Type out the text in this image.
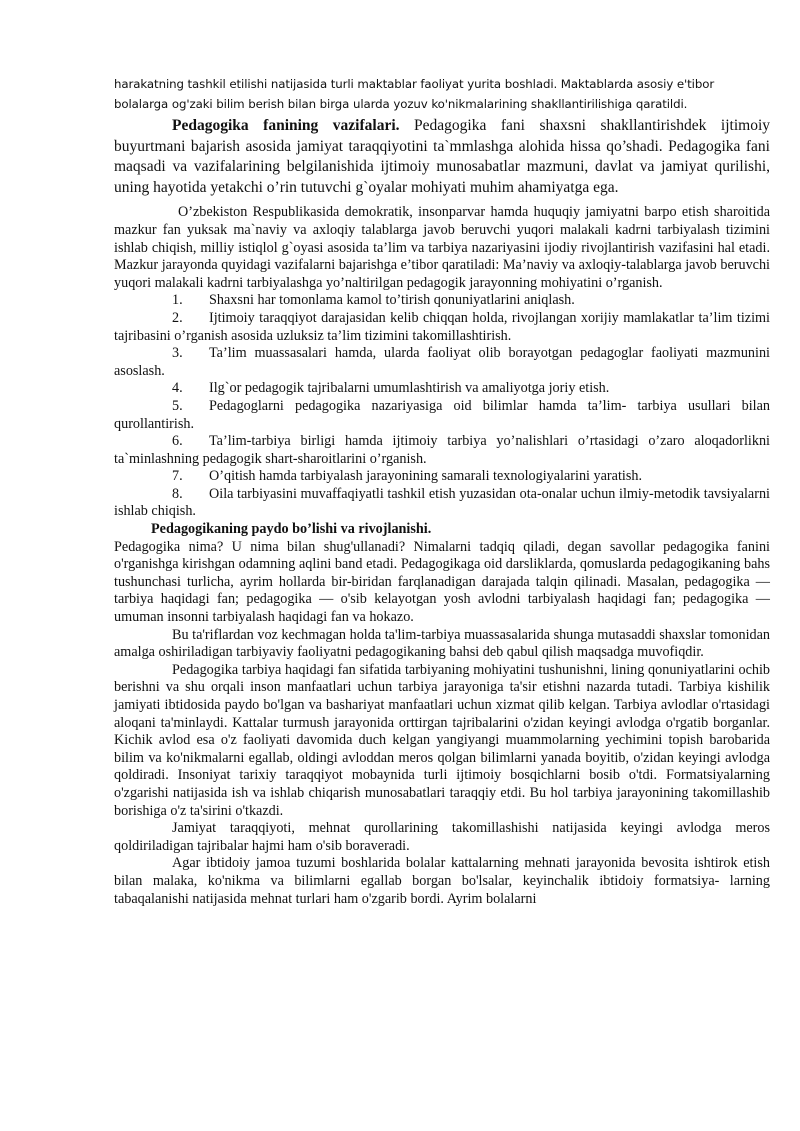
harakatning tashkil etilishi natijasida turli maktablar faoliyat yurita boshladi. Maktablarda asosiy e'tibor
bolalarga og'zaki bilim berish bilan birga ularda yozuv ko'nikmalarining shakllantirilishiga qaratildi.

Pedagogika fanining vazifalari. Pedagogika fani shaxsni shakllantirishdek ijtimoiy buyurtmani bajarish asosida jamiyat taraqqiyotini ta`mmlashga alohida hissa qo’shadi. Pedagogika fani maqsadi va vazifalarining belgilanishida ijtimoiy munosabatlar mazmuni, davlat va jamiyat qurilishi, uning hayotida yetakchi o’rin tutuvchi g`oyalar mohiyati muhim ahamiyatga ega.

O’zbekiston Respublikasida demokratik, insonparvar hamda huquqiy jamiyatni barpo etish sharoitida mazkur fan yuksak ma`naviy va axloqiy talablarga javob beruvchi yuqori malakali kadrni tarbiyalash tizimini ishlab chiqish, milliy istiqlol g`oyasi asosida ta’lim va tarbiya nazariyasini ijodiy rivojlantirish vazifasini hal etadi. Mazkur jarayonda quyidagi vazifalarni bajarishga e’tibor qaratiladi: Ma’naviy va axloqiy-talablarga javob beruvchi yuqori malakali kadrni tarbiyalashga yo’naltirilgan pedagogik jarayonning mohiyatini o’rganish.

1. Shaxsni har tomonlama kamol to’tirish qonuniyatlarini aniqlash.
2. Ijtimoiy taraqqiyot darajasidan kelib chiqqan holda, rivojlangan xorijiy mamlakatlar ta’lim tizimi tajribasini o’rganish asosida uzluksiz ta’lim tizimini takomillashtirish.
3. Ta’lim muassasalari hamda, ularda faoliyat olib borayotgan pedagoglar faoliyati mazmunini asoslash.
4. Ilg`or pedagogik tajribalarni umumlashtirish va amaliyotga joriy etish.
5. Pedagoglarni pedagogika nazariyasiga oid bilimlar hamda ta’lim- tarbiya usullari bilan qurollantirish.
6. Ta’lim-tarbiya birligi hamda ijtimoiy tarbiya yo’nalishlari o’rtasidagi o’zaro aloqadorlikni ta`minlashning pedagogik shart-sharoitlarini o’rganish.
7. O’qitish hamda tarbiyalash jarayonining samarali texnologiyalarini yaratish.
8. Oila tarbiyasini muvaffaqiyatli tashkil etish yuzasidan ota-onalar uchun ilmiy-metodik tavsiyalarni ishlab chiqish.

Pedagogikaning paydo bo’lishi va rivojlanishi.

Pedagogika nima? U nima bilan shug'ullanadi? Nimalarni tadqiq qiladi, degan savollar pedagogika fanini o'rganishga kirishgan odamning aqlini band etadi. Pedagogikaga oid darsliklarda, qomuslarda pedagogikaning bahs tushunchasi turlicha, ayrim hollarda bir-biridan farqlanadigan darajada talqin qilinadi. Masalan, pedagogika — tarbiya haqidagi fan; pedagogika — o'sib kelayotgan yosh avlodni tarbiyalash haqidagi fan; pedagogika — umuman insonni tarbiyalash haqidagi fan va hokazo.

Bu ta'riflardan voz kechmagan holda ta'lim-tarbiya muassasalarida shunga mutasaddi shaxslar tomonidan amalga oshiriladigan tarbiyaviy faoliyatni pedagogikaning bahsi deb qabul qilish maqsadga muvofiqdir.

Pedagogika tarbiya haqidagi fan sifatida tarbiyaning mohiyatini tushunishni, lining qonuniyatlarini ochib berishni va shu orqali inson manfaatlari uchun tarbiya jarayoniga ta'sir etishni nazarda tutadi. Tarbiya kishilik jamiyati ibtidosida paydo bo'lgan va bashariyat manfaatlari uchun xizmat qilib kelgan. Tarbiya avlodlar o'rtasidagi aloqani ta'minlaydi. Kattalar turmush jarayonida orttirgan tajribalarini o'zidan keyingi avlodga o'rgatib borganlar. Kichik avlod esa o'z faoliyati davomida duch kelgan yangiyangi muammolarning yechimini topish barobarida bilim va ko'nikmalarni egallab, oldingi avloddan meros qolgan bilimlarni yanada boyitib, o'zidan keyingi avlodga qoldiradi. Insoniyat tarixiy taraqqiyot mobaynida turli ijtimoiy bosqichlarni bosib o'tdi. Formatsiyalarning o'zgarishi natijasida ish va ishlab chiqarish munosabatlari taraqqiy etdi. Bu hol tarbiya jarayonining takomillashib borishiga o'z ta'sirini o'tkazdi.

Jamiyat taraqqiyoti, mehnat qurollarining takomillashishi natijasida keyingi avlodga meros qoldiriladigan tajribalar hajmi ham o'sib boraveradi.

Agar ibtidoiy jamoa tuzumi boshlarida bolalar kattalarning mehnati jarayonida bevosita ishtirok etish bilan malaka, ko'nikma va bilimlarni egallab borgan bo'lsalar, keyinchalik ibtidoiy formatsiya- larning tabaqalanishi natijasida mehnat turlari ham o'zgarib bordi. Ayrim bolalarni
